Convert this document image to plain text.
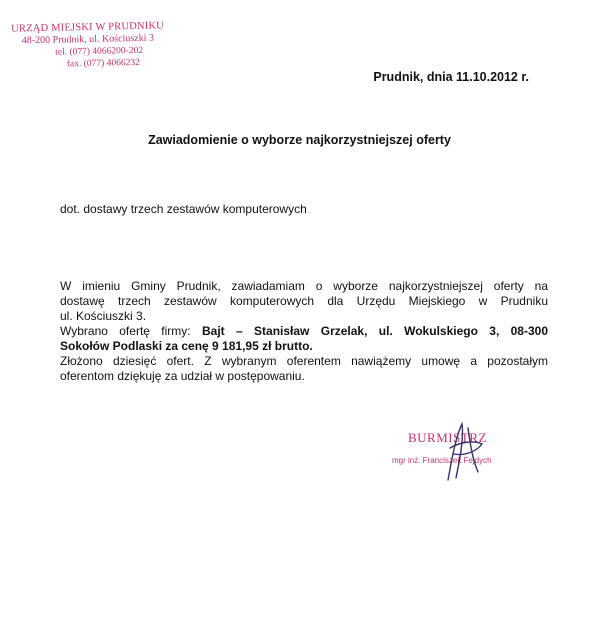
URZĄD MIEJSKI W PRUDNIKU
48-200 Prudnik, ul. Kościuszki 3
tel. (077) 4066200-202
fax. (077) 4066232
Prudnik, dnia 11.10.2012 r.
Zawiadomienie o wyborze najkorzystniejszej oferty
dot. dostawy trzech zestawów komputerowych

W imieniu Gminy Prudnik, zawiadamiam o wyborze najkorzystniejszej oferty na

dostawę trzech zestawów komputerowych dla Urzędu Miejskiego w Prudniku

ul. Kościuszki 3.

Wybrano ofertę firmy: Bajt – Stanisław Grzelak, ul. Wokulskiego 3, 08-300

Sokołów Podlaski za cenę 9 181,95 zł brutto.

Złożono dziesięć ofert. Z wybranym oferentem nawiążemy umowę a pozostałym

oferentom dziękuję za udział w postępowaniu.

BURMISTRZ
mgr inż. Franciszek Fejdych
